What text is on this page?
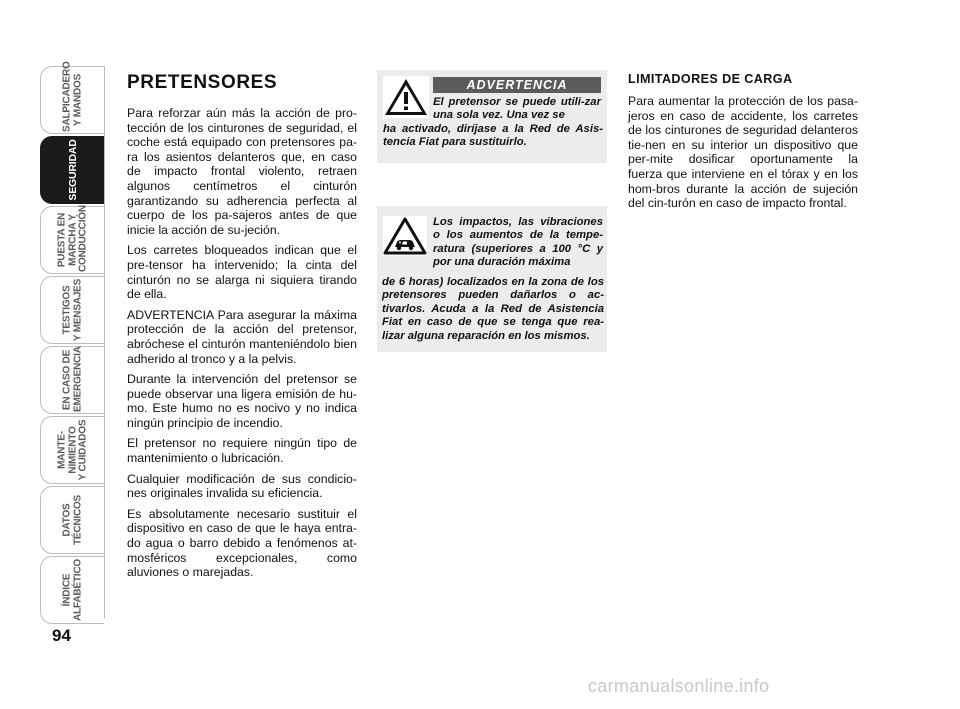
SALPICADERO
Y MANDOS
SEGURIDAD
PUESTA EN
MARCHA Y
CONDUCCIÓN
TESTIGOS
Y MENSAJES
EN CASO DE
EMERGENCIA
MANTE-
NIMIENTO
Y CUIDADOS
DATOS
TÉCNICOS
ÍNDICE
ALFABÉTICO
94
PRETENSORES

Para reforzar aún más la acción de pro-tección de los cinturones de seguridad, el coche está equipado con pretensores pa-ra los asientos delanteros que, en caso de impacto frontal violento, retraen algunos centímetros el cinturón garantizando su adherencia perfecta al cuerpo de los pa-sajeros antes de que inicie la acción de su-jeción.

Los carretes bloqueados indican que el pre-tensor ha intervenido; la cinta del cinturón no se alarga ni siquiera tirando de ella.

ADVERTENCIA Para asegurar la máxima protección de la acción del pretensor, abróchese el cinturón manteniéndolo bien adherido al tronco y a la pelvis.

Durante la intervención del pretensor se puede observar una ligera emisión de hu-mo. Este humo no es nocivo y no indica ningún principio de incendio.

El pretensor no requiere ningún tipo de mantenimiento o lubricación.

Cualquier modificación de sus condicio-nes originales invalida su eficiencia.

Es absolutamente necesario sustituir el dispositivo en caso de que le haya entra-do agua o barro debido a fenómenos at-mosféricos excepcionales, como aluviones o marejadas.

ADVERTENCIA
El pretensor se puede utili-zar una sola vez. Una vez se
ha activado, diríjase a la Red de Asis-tencia Fiat para sustituirlo.
Los impactos, las vibraciones o los aumentos de la tempe-ratura (superiores a 100 °C y por una duración máxima
de 6 horas) localizados en la zona de los pretensores pueden dañarlos o ac-tivarlos. Acuda a la Red de Asistencia Fiat en caso de que se tenga que rea-lizar alguna reparación en los mismos.
LIMITADORES DE CARGA

Para aumentar la protección de los pasa-jeros en caso de accidente, los carretes de los cinturones de seguridad delanteros tie-nen en su interior un dispositivo que per-mite dosificar oportunamente la fuerza que interviene en el tórax y en los hom-bros durante la acción de sujeción del cin-turón en caso de impacto frontal.

carmanualsonline.info
